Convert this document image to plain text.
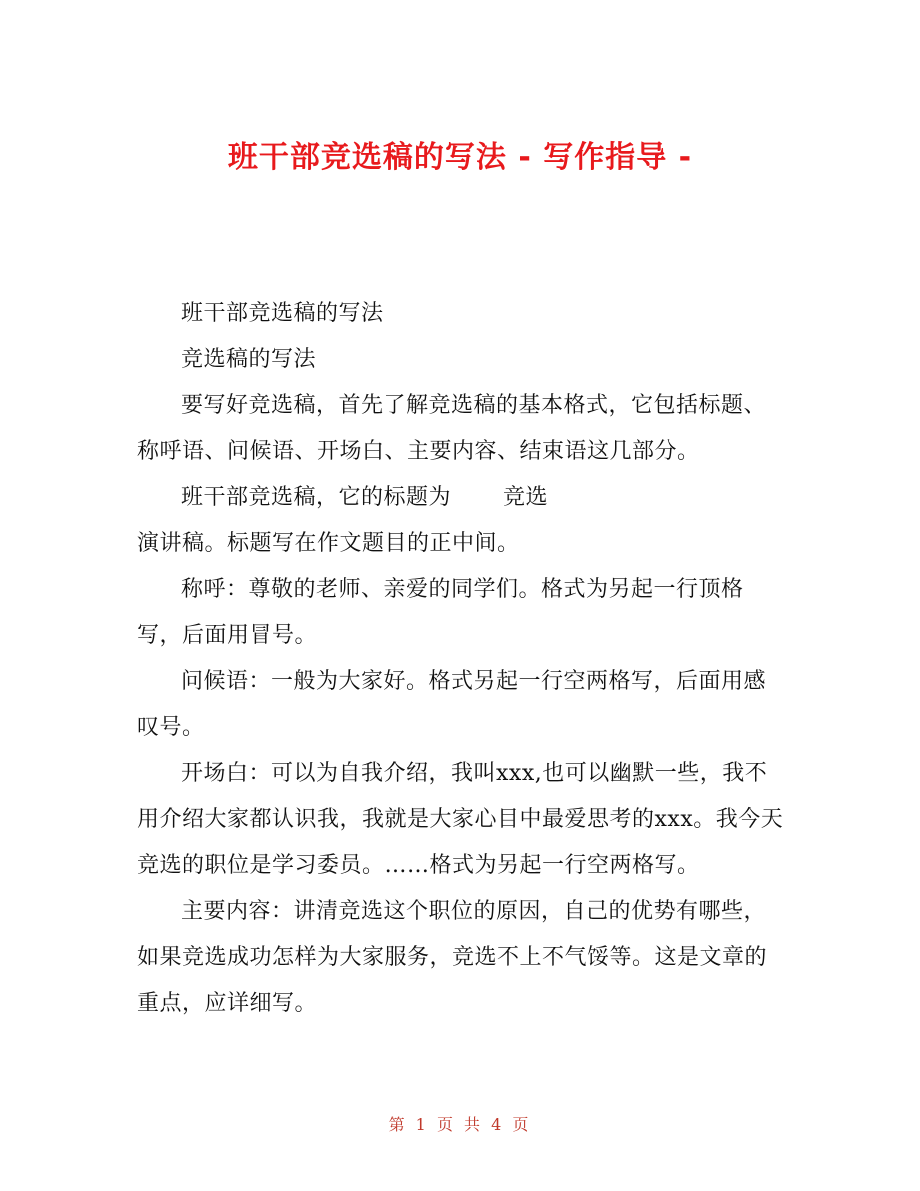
班干部竞选稿的写法 - 写作指导 -

班干部竞选稿的写法

竞选稿的写法

要写好竞选稿，首先了解竞选稿的基本格式，它包括标题、称呼语、问候语、开场白、主要内容、结束语这几部分。

班干部竞选稿，它的标题为 竞选

演讲稿。标题写在作文题目的正中间。

称呼：尊敬的老师、亲爱的同学们。格式为另起一行顶格写，后面用冒号。

问候语：一般为大家好。格式另起一行空两格写，后面用感叹号。

开场白：可以为自我介绍，我叫xxx,也可以幽默一些，我不用介绍大家都认识我，我就是大家心目中最爱思考的xxx。我今天竞选的职位是学习委员。……格式为另起一行空两格写。

主要内容：讲清竞选这个职位的原因，自己的优势有哪些，如果竞选成功怎样为大家服务，竞选不上不气馁等。这是文章的重点，应详细写。

第 1 页 共 4 页
